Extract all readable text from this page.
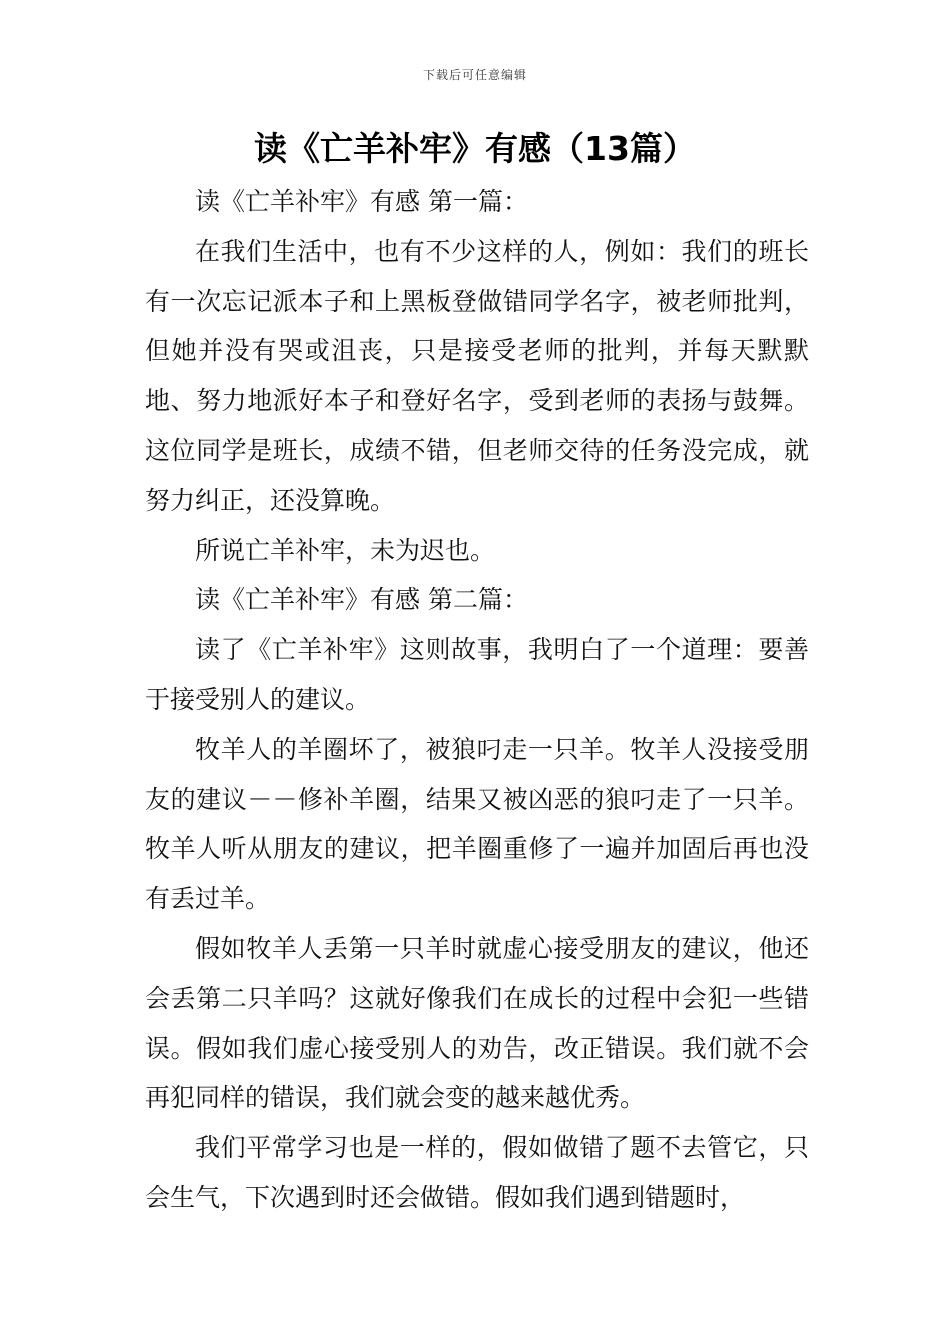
下载后可任意编辑
读《亡羊补牢》有感（13篇）

读《亡羊补牢》有感 第一篇：

在我们生活中，也有不少这样的人，例如：我们的班长有一次忘记派本子和上黑板登做错同学名字，被老师批判，但她并没有哭或沮丧，只是接受老师的批判，并每天默默地、努力地派好本子和登好名字，受到老师的表扬与鼓舞。这位同学是班长，成绩不错，但老师交待的任务没完成，就努力纠正，还没算晚。

所说亡羊补牢，未为迟也。

读《亡羊补牢》有感 第二篇：

读了《亡羊补牢》这则故事，我明白了一个道理：要善于接受别人的建议。

牧羊人的羊圈坏了，被狼叼走一只羊。牧羊人没接受朋友的建议－－修补羊圈，结果又被凶恶的狼叼走了一只羊。牧羊人听从朋友的建议，把羊圈重修了一遍并加固后再也没有丢过羊。

假如牧羊人丢第一只羊时就虚心接受朋友的建议，他还会丢第二只羊吗？这就好像我们在成长的过程中会犯一些错误。假如我们虚心接受别人的劝告，改正错误。我们就不会再犯同样的错误，我们就会变的越来越优秀。

我们平常学习也是一样的，假如做错了题不去管它，只会生气，下次遇到时还会做错。假如我们遇到错题时，
